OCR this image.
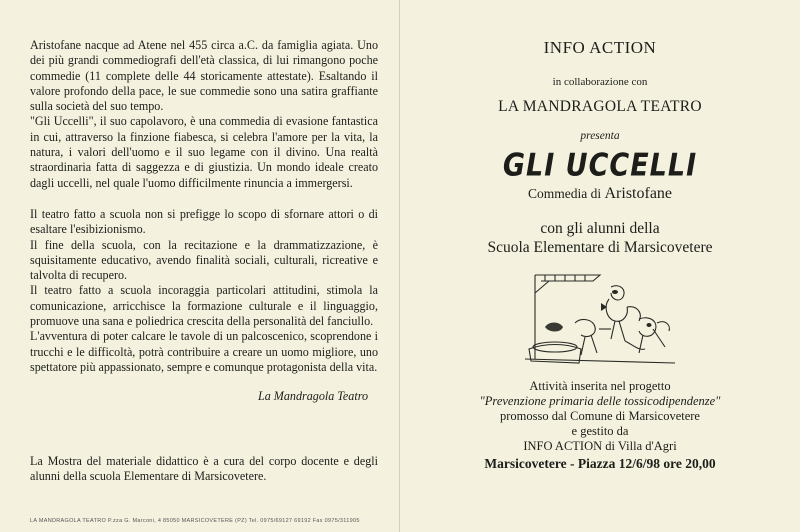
Aristofane nacque ad Atene nel 455 circa a.C. da famiglia agiata. Uno dei più grandi commediografi dell'età classica, di lui rimangono poche commedie (11 complete delle 44 storicamente attestate). Esaltando il valore profondo della pace, le sue commedie sono una satira graffiante sulla società del suo tempo.

"Gli Uccelli", il suo capolavoro, è una commedia di evasione fantastica in cui, attraverso la finzione fiabesca, si celebra l'amore per la vita, la natura, i valori dell'uomo e il suo legame con il divino. Una realtà straordinaria fatta di saggezza e di giustizia. Un mondo ideale creato dagli uccelli, nel quale l'uomo difficilmente rinuncia a immergersi.

Il teatro fatto a scuola non si prefigge lo scopo di sfornare attori o di esaltare l'esibizionismo.

Il fine della scuola, con la recitazione e la drammatizzazione, è squisitamente educativo, avendo finalità sociali, culturali, ricreative e talvolta di recupero.

Il teatro fatto a scuola incoraggia particolari attitudini, stimola la comunicazione, arricchisce la formazione culturale e il linguaggio, promuove una sana e poliedrica crescita della personalità del fanciullo.

L'avventura di poter calcare le tavole di un palcoscenico, scoprendone i trucchi e le difficoltà, potrà contribuire a creare un uomo migliore, uno spettatore più appassionato, sempre e comunque protagonista della vita.

La Mandragola Teatro

La Mostra del materiale didattico è a cura del corpo docente e degli alunni della scuola Elementare di Marsicovetere.

LA MANDRAGOLA TEATRO P.zza G. Marconi, 4 85050 MARSICOVETERE (PZ) Tel. 0975/69127 69192 Fax 0975/311905
INFO ACTION
in collaborazione con
LA MANDRAGOLA TEATRO
presenta
GLI UCCELLI
Commedia di Aristofane
con gli alunni della
Scuola Elementare di Marsicovetere
Attività inserita nel progetto
"Prevenzione primaria delle tossicodipendenze"
promosso dal Comune di Marsicovetere
e gestito da
INFO ACTION di Villa d'Agri
Marsicovetere - Piazza 12/6/98 ore 20,00
